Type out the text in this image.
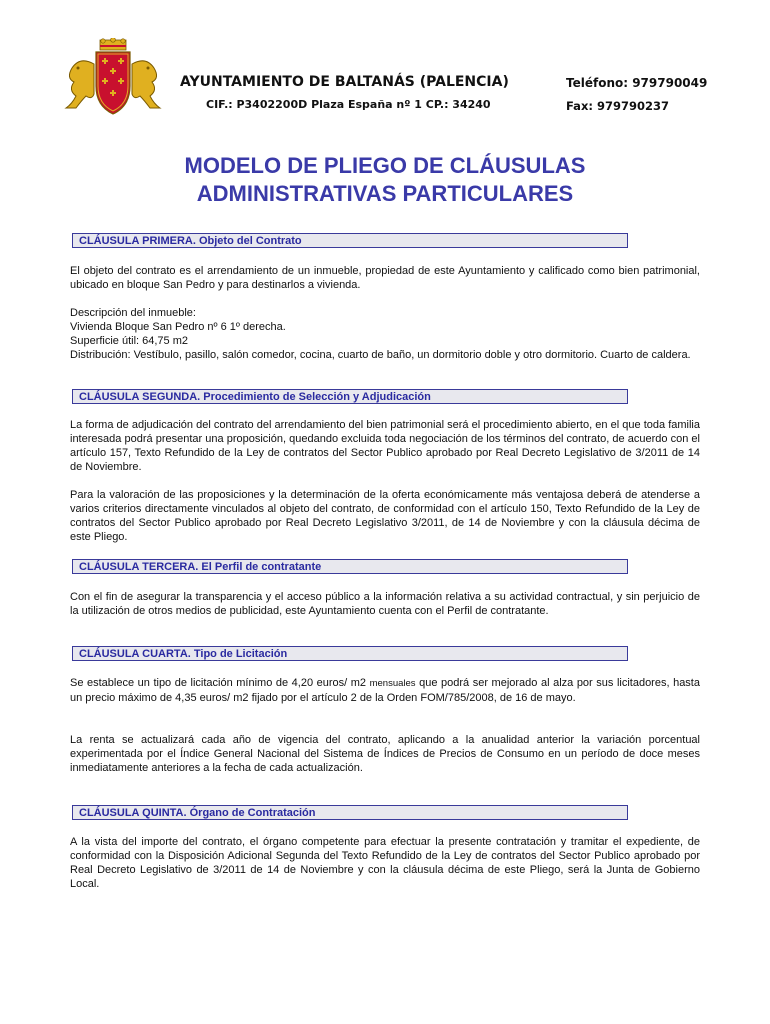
AYUNTAMIENTO DE BALTANÁS (PALENCIA)
CIF.: P3402200D Plaza España nº 1 CP.: 34240
Teléfono: 979790049
Fax: 979790237
MODELO DE PLIEGO DE CLÁUSULAS
ADMINISTRATIVAS PARTICULARES
CLÁUSULA PRIMERA. Objeto del Contrato

El objeto del contrato es el arrendamiento de un inmueble, propiedad de este Ayuntamiento y calificado como bien patrimonial, ubicado en bloque San Pedro y para destinarlos a vivienda.

Descripción del inmueble:

Vivienda Bloque San Pedro nº 6 1º derecha.

Superficie útil: 64,75 m2

Distribución: Vestíbulo, pasillo, salón comedor, cocina, cuarto de baño, un dormitorio doble y otro dormitorio. Cuarto de caldera.

CLÁUSULA SEGUNDA. Procedimiento de Selección y Adjudicación

La forma de adjudicación del contrato del arrendamiento del bien patrimonial será el procedimiento abierto, en el que toda familia interesada podrá presentar una proposición, quedando excluida toda negociación de los términos del contrato, de acuerdo con el artículo 157, Texto Refundido de la Ley de contratos del Sector Publico aprobado por Real Decreto Legislativo de 3/2011 de 14 de Noviembre.

Para la valoración de las proposiciones y la determinación de la oferta económicamente más ventajosa deberá de atenderse a varios criterios directamente vinculados al objeto del contrato, de conformidad con el artículo 150, Texto Refundido de la Ley de contratos del Sector Publico aprobado por Real Decreto Legislativo 3/2011, de 14 de Noviembre y con la cláusula décima de este Pliego.

CLÁUSULA TERCERA. El Perfil de contratante

Con el fin de asegurar la transparencia y el acceso público a la información relativa a su actividad contractual, y sin perjuicio de la utilización de otros medios de publicidad, este Ayuntamiento cuenta con el Perfil de contratante.

CLÁUSULA CUARTA. Tipo de Licitación

Se establece un tipo de licitación mínimo de 4,20 euros/ m2 mensuales que podrá ser mejorado al alza por sus licitadores, hasta un precio máximo de 4,35 euros/ m2 fijado por el artículo 2 de la Orden FOM/785/2008, de 16 de mayo.

La renta se actualizará cada año de vigencia del contrato, aplicando a la anualidad anterior la variación porcentual experimentada por el Índice General Nacional del Sistema de Índices de Precios de Consumo en un período de doce meses inmediatamente anteriores a la fecha de cada actualización.

CLÁUSULA QUINTA. Órgano de Contratación

A la vista del importe del contrato, el órgano competente para efectuar la presente contratación y tramitar el expediente, de conformidad con la Disposición Adicional Segunda del Texto Refundido de la Ley de contratos del Sector Publico aprobado por Real Decreto Legislativo de 3/2011 de 14 de Noviembre y con la cláusula décima de este Pliego, será la Junta de Gobierno Local.
